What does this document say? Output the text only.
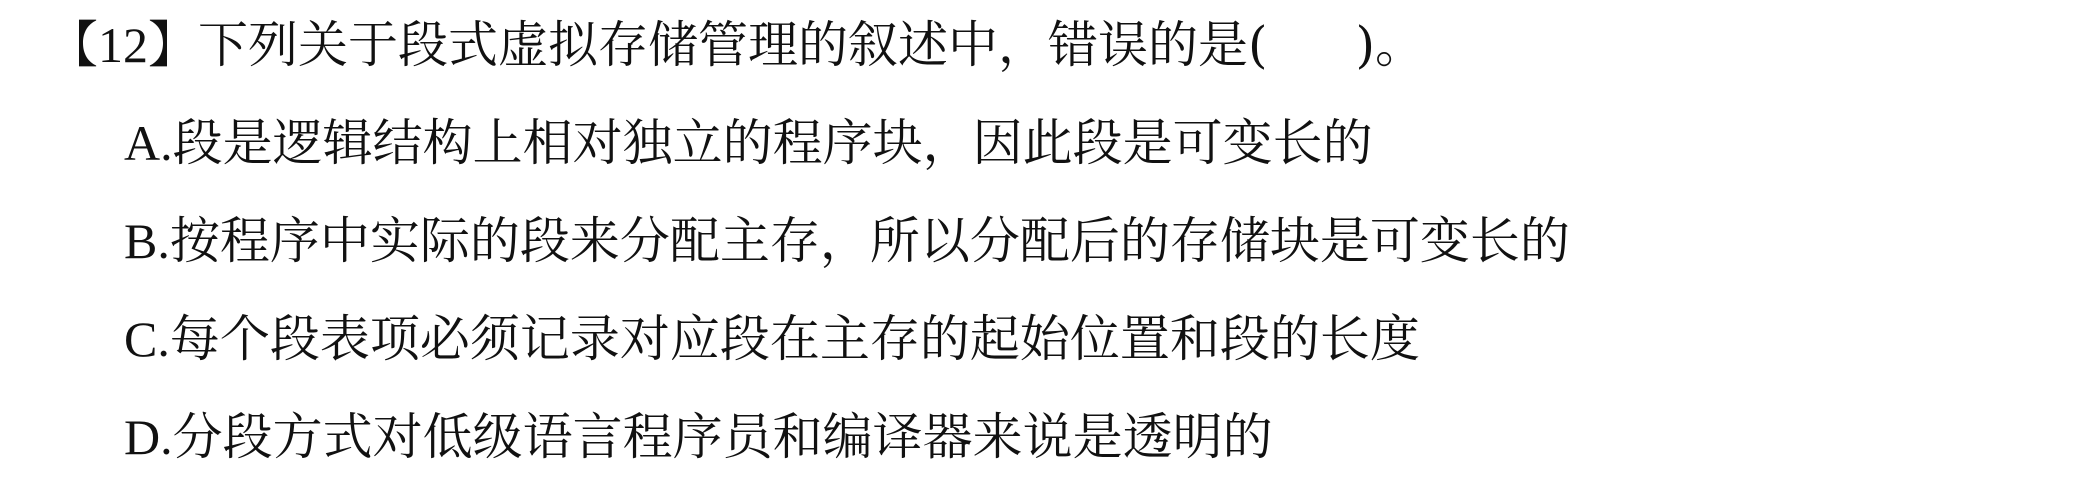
【12】下列关于段式虚拟存储管理的叙述中，错误的是( )。
A.段是逻辑结构上相对独立的程序块，因此段是可变长的
B.按程序中实际的段来分配主存，所以分配后的存储块是可变长的
C.每个段表项必须记录对应段在主存的起始位置和段的长度
D.分段方式对低级语言程序员和编译器来说是透明的
